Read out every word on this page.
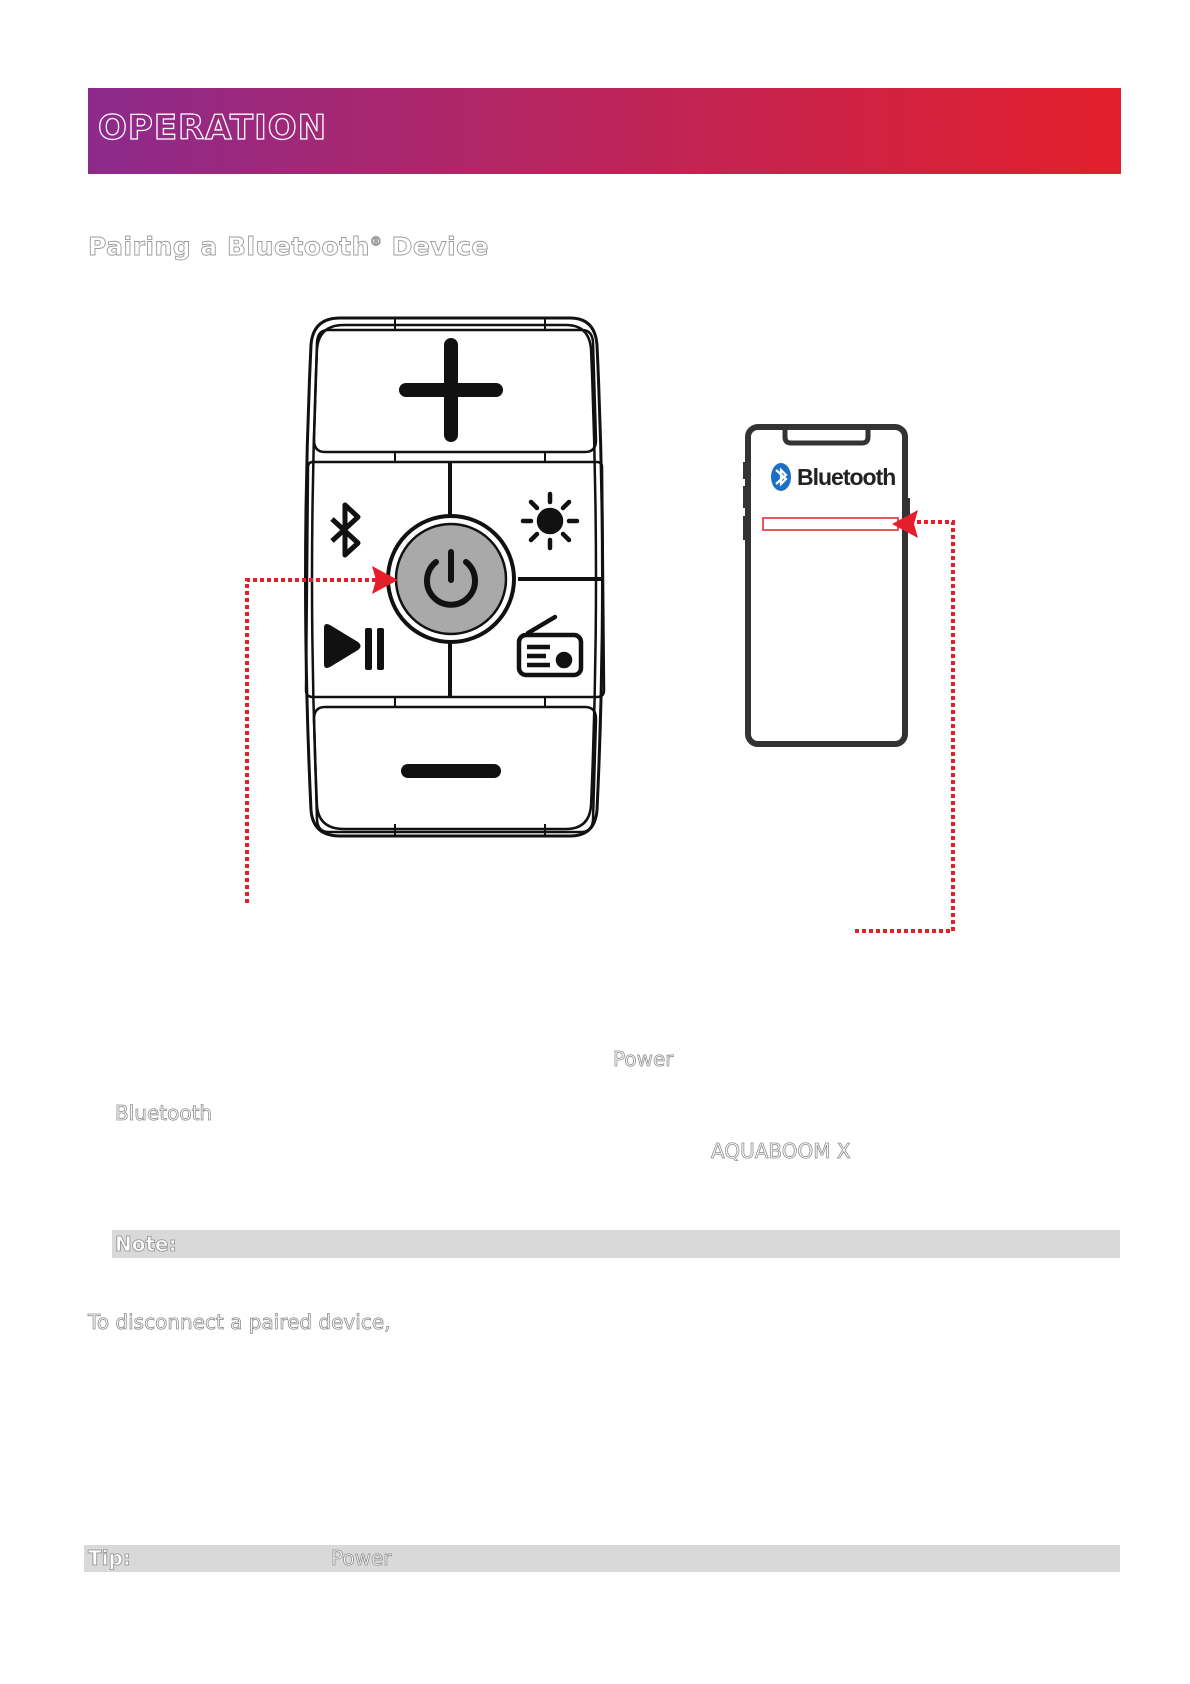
OPERATION
Pairing a Bluetooth® Device
Bluetooth
Power
Bluetooth
AQUABOOM X
Note:
To disconnect a paired device,
Tip:	Power
